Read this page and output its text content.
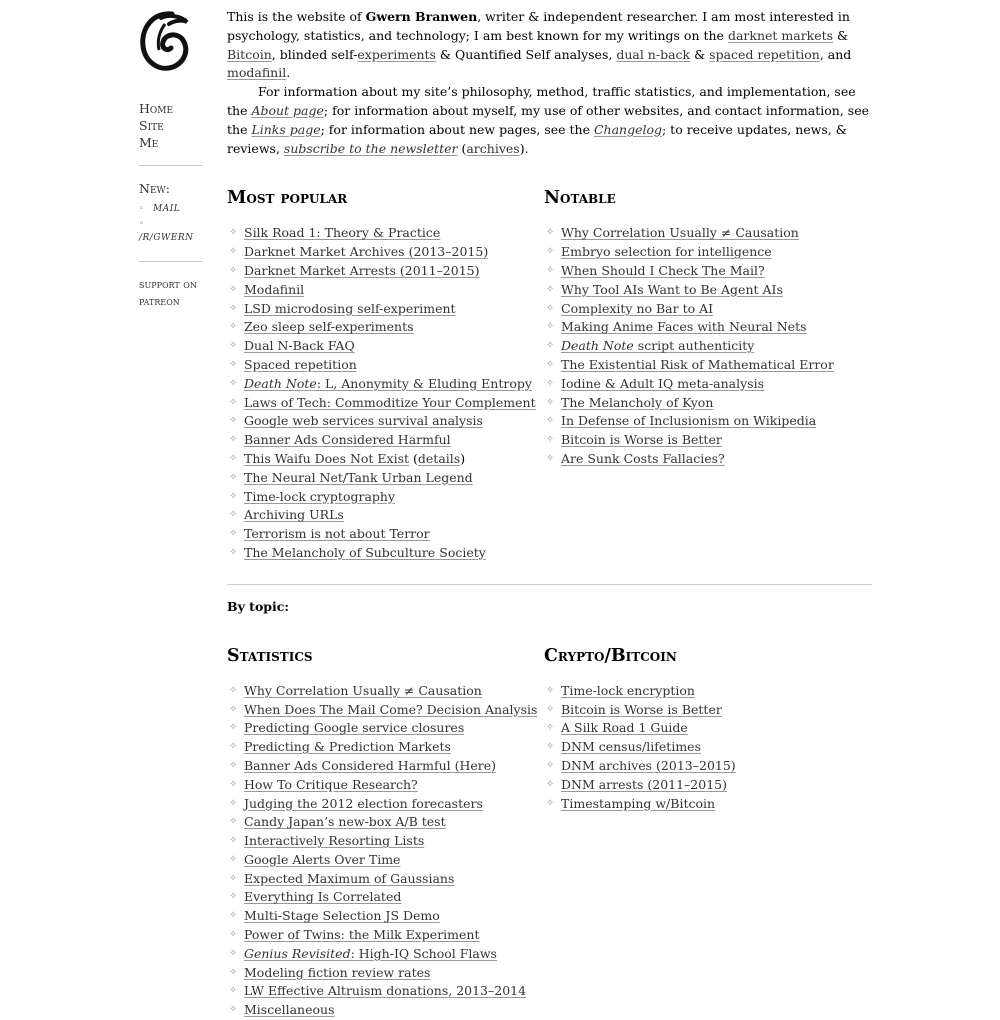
Home
Site
Me
New:
◦ MAIL
◦ /R/GWERN
support on
patreon

This is the website of Gwern Branwen, writer & independent researcher. I am most interested in psychology, statistics, and technology; I am best known for my writings on the darknet markets & Bitcoin, blinded self-experiments & Quantified Self analyses, dual n-back & spaced repetition, and modafinil.

For information about my site’s philosophy, method, traffic statistics, and implementation, see the About page; for information about myself, my use of other websites, and contact information, see the Links page; for information about new pages, see the Changelog; to receive updates, news, & reviews, subscribe to the newsletter (archives).

Most popular
✧ Silk Road 1: Theory & Practice
✧ Darknet Market Archives (2013–2015)
✧ Darknet Market Arrests (2011–2015)
✧ Modafinil
✧ LSD microdosing self-experiment
✧ Zeo sleep self-experiments
✧ Dual N-Back FAQ
✧ Spaced repetition
✧ Death Note: L, Anonymity & Eluding Entropy
✧ Laws of Tech: Commoditize Your Complement
✧ Google web services survival analysis
✧ Banner Ads Considered Harmful
✧ This Waifu Does Not Exist (details)
✧ The Neural Net/Tank Urban Legend
✧ Time-lock cryptography
✧ Archiving URLs
✧ Terrorism is not about Terror
✧ The Melancholy of Subculture Society
Notable
✧ Why Correlation Usually ≠ Causation
✧ Embryo selection for intelligence
✧ When Should I Check The Mail?
✧ Why Tool AIs Want to Be Agent AIs
✧ Complexity no Bar to AI
✧ Making Anime Faces with Neural Nets
✧ Death Note script authenticity
✧ The Existential Risk of Mathematical Error
✧ Iodine & Adult IQ meta-analysis
✧ The Melancholy of Kyon
✧ In Defense of Inclusionism on Wikipedia
✧ Bitcoin is Worse is Better
✧ Are Sunk Costs Fallacies?
By topic:
Statistics
✧ Why Correlation Usually ≠ Causation
✧ When Does The Mail Come? Decision Analysis
✧ Predicting Google service closures
✧ Predicting & Prediction Markets
✧ Banner Ads Considered Harmful (Here)
✧ How To Critique Research?
✧ Judging the 2012 election forecasters
✧ Candy Japan’s new-box A/B test
✧ Interactively Resorting Lists
✧ Google Alerts Over Time
✧ Expected Maximum of Gaussians
✧ Everything Is Correlated
✧ Multi-Stage Selection JS Demo
✧ Power of Twins: the Milk Experiment
✧ Genius Revisited: High-IQ School Flaws
✧ Modeling fiction review rates
✧ LW Effective Altruism donations, 2013–2014
✧ Miscellaneous
Crypto/Bitcoin
✧ Time-lock encryption
✧ Bitcoin is Worse is Better
✧ A Silk Road 1 Guide
✧ DNM census/lifetimes
✧ DNM archives (2013–2015)
✧ DNM arrests (2011–2015)
✧ Timestamping w/Bitcoin
